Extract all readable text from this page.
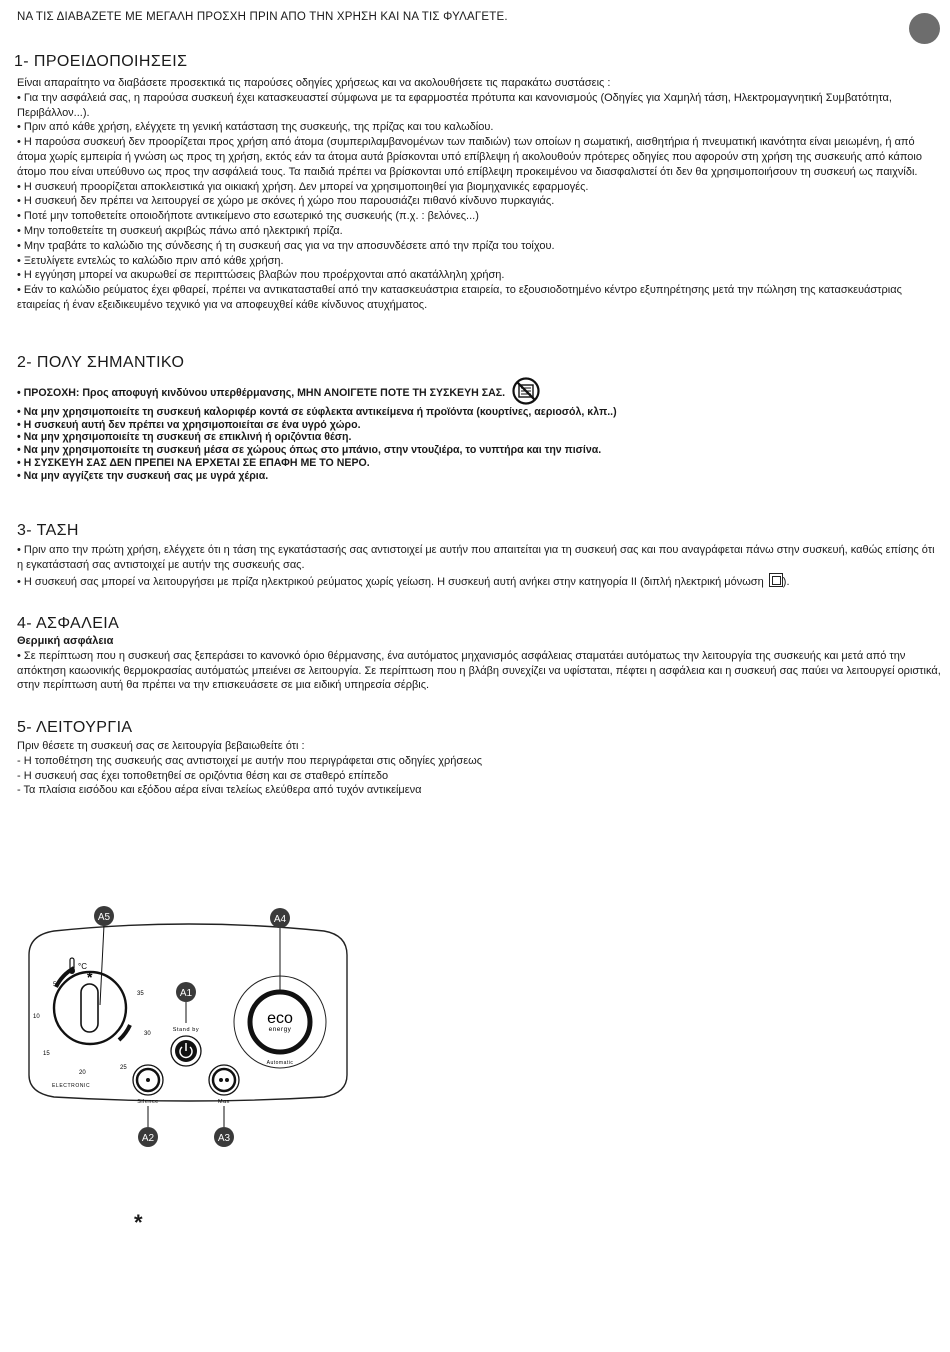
ΝΑ ΤΙΣ ΔΙΑΒΑΖΕΤΕ ΜΕ ΜΕΓΑΛΗ ΠΡΟΣΧΗ ΠΡΙΝ ΑΠΟ ΤΗΝ ΧΡΗΣΗ ΚΑΙ ΝΑ ΤΙΣ ΦΥΛΑΓΕΤΕ.
1- ΠΡΟΕΙΔΟΠΟΙΗΣΕΙΣ

Είναι απαραίτητο να διαβάσετε προσεκτικά τις παρούσες οδηγίες χρήσεως και να ακολουθήσετε τις παρακάτω συστάσεις :

• Για την ασφάλειά σας, η παρούσα συσκευή έχει κατασκευαστεί σύμφωνα με τα εφαρμοστέα πρότυπα και κανονισμούς (Οδηγίες για Χαμηλή τάση, Ηλεκτρομαγνητική Συμβατότητα, Περιβάλλον...).

• Πριν από κάθε χρήση, ελέγχετε τη γενική κατάσταση της συσκευής, της πρίζας και του καλωδίου.

• Η παρούσα συσκευή δεν προορίζεται προς χρήση από άτομα (συμπεριλαμβανομένων των παιδιών) των οποίων η σωματική, αισθητήρια ή πνευματική ικανότητα είναι μειωμένη, ή από άτομα χωρίς εμπειρία ή γνώση ως προς τη χρήση, εκτός εάν τα άτομα αυτά βρίσκονται υπό επίβλεψη ή ακολουθούν πρότερες οδηγίες που αφορούν στη χρήση της συσκευής από κάποιο άτομο που είναι υπεύθυνο ως προς την ασφάλειά τους. Τα παιδιά πρέπει να βρίσκονται υπό επίβλεψη προκειμένου να διασφαλιστεί ότι δεν θα χρησιμοποιήσουν τη συσκευή ως παιχνίδι.

• Η συσκευή προορίζεται αποκλειστικά για οικιακή χρήση. Δεν μπορεί να χρησιμοποιηθεί για βιομηχανικές εφαρμογές.

• Η συσκευή δεν πρέπει να λειτουργεί σε χώρο με σκόνες ή χώρο που παρουσιάζει πιθανό κίνδυνο πυρκαγιάς.

• Ποτέ μην τοποθετείτε οποιοδήποτε αντικείμενο στο εσωτερικό της συσκευής (π.χ. : βελόνες...)

• Μην τοποθετείτε τη συσκευή ακριβώς πάνω από ηλεκτρική πρίζα.

• Μην τραβάτε το καλώδιο της σύνδεσης ή τη συσκευή σας για να την αποσυνδέσετε από την πρίζα του τοίχου.

• Ξετυλίγετε εντελώς το καλώδιο πριν από κάθε χρήση.

• Η εγγύηση μπορεί να ακυρωθεί σε περιπτώσεις βλαβών που προέρχονται από ακατάλληλη χρήση.

• Εάν το καλώδιο ρεύματος έχει φθαρεί, πρέπει να αντικατασταθεί από την κατασκευάστρια εταιρεία, το εξουσιοδοτημένο κέντρο εξυπηρέτησης μετά την πώληση της κατασκευάστριας εταιρείας ή έναν εξειδικευμένο τεχνικό για να αποφευχθεί κάθε κίνδυνος ατυχήματος.

2- ΠΟΛΥ ΣΗΜΑΝΤΙΚΟ

• ΠΡΟΣΟΧΗ: Προς αποφυγή κινδύνου υπερθέρμανσης, ΜΗΝ ΑΝΟΙΓΕΤΕ ΠΟΤΕ ΤΗ ΣΥΣΚΕΥΗ ΣΑΣ.

• Να μην χρησιμοποιείτε τη συσκευή καλοριφέρ κοντά σε εύφλεκτα αντικείμενα ή προϊόντα (κουρτίνες, αεριοσόλ, κλπ..)

• Η συσκευή αυτή δεν πρέπει να χρησιμοποιείται σε ένα υγρό χώρο.

• Να μην χρησιμοποιείτε τη συσκευή σε επικλινή ή οριζόντια θέση.

• Να μην χρησιμοποιείτε τη συσκευή μέσα σε χώρους όπως στο μπάνιο, στην ντουζιέρα, το νυπτήρα και την πισίνα.

• Η ΣΥΣΚΕΥΗ ΣΑΣ ΔΕΝ ΠΡΕΠΕΙ ΝΑ ΕΡΧΕΤΑΙ ΣΕ ΕΠΑΦΗ ΜΕ ΤΟ ΝΕΡΟ.

• Να μην αγγίζετε την συσκευή σας με υγρά χέρια.

3- ΤΑΣΗ

• Πριν απο την πρώτη χρήση, ελέγχετε ότι η τάση της εγκατάστασής σας αντιστοιχεί με αυτήν που απαιτείται για τη συσκευή σας και που αναγράφεται πάνω στην συσκευή, καθώς επίσης ότι η εγκατάστασή σας αντιστοιχεί με αυτήν της συσκευής σας.

• Η συσκευή σας μπορεί να λειτουργήσει με πρίζα ηλεκτρικού ρεύματος χωρίς γείωση. Η συσκευή αυτή ανήκει στην κατηγορία ΙΙ (διπλή ηλεκτρική μόνωση ).

4- ΑΣΦΑΛΕΙΑ

Θερμική ασφάλεια

• Σε περίπτωση που η συσκευή σας ξεπεράσει το κανονκό όριο θέρμανσης, ένα αυτόματος μηχανισμός ασφάλειας σταματάει αυτόματως την λειτουργία της συσκευής και μετά από την απόκτηση καωονικής θερμοκρασίας αυτόματώς μπειένει σε λειτουργία. Σε περίπτωση που η βλάβη συνεχίζει να υφίσταται, πέφτει η ασφάλεια και η συσκευή σας παύει να λειτουργεί οριστικά, στην περίπτωση αυτή θα πρέπει να την επισκευάσετε σε μια ειδική υπηρεσία σέρβις.

5- ΛΕΙΤΟΥΡΓΙΑ

Πριν θέσετε τη συσκευή σας σε λειτουργία βεβαιωθείτε ότι :

- Η τοποθέτηση της συσκευής σας αντιστοιχεί με αυτήν που περιγράφεται στις οδηγίες χρήσεως

- Η συσκευή σας έχει τοποθετηθεί σε οριζόντια θέση και σε σταθερό επίπεδο

- Τα πλαίσια εισόδου και εξόδου αέρα είναι τελείως ελεύθερα από τυχόν αντικείμενα

°C
*
5
10
15
20
25
30
35
ELECTRONIC
A5
A1
Stand by
Silence
A2
Max
A3
A4
eco
energy
Automatic
*
